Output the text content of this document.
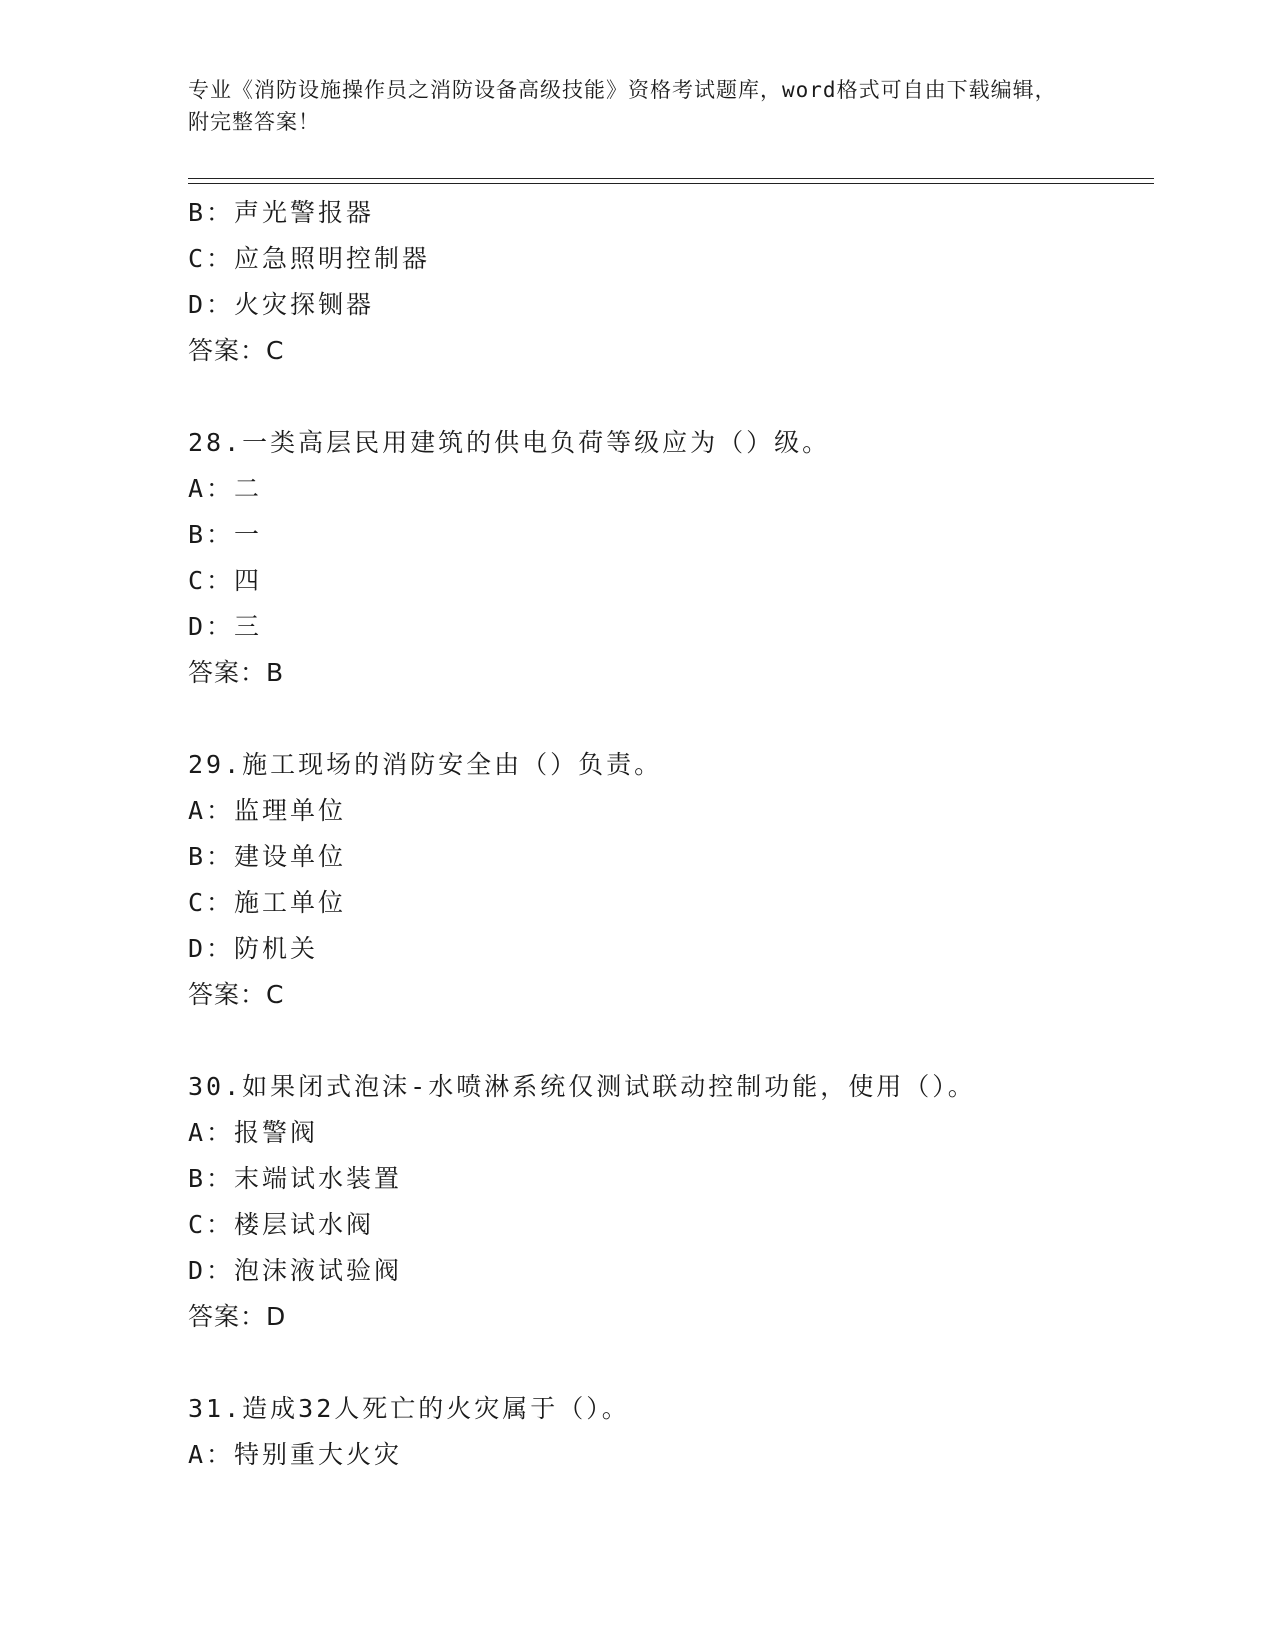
专业《消防设施操作员之消防设备高级技能》资格考试题库，word格式可自由下载编辑，附完整答案！
B：声光警报器
C：应急照明控制器
D：火灾探铡器
答案：C
28.一类高层民用建筑的供电负荷等级应为（）级。
A：二
B：一
C：四
D：三
答案：B
29.施工现场的消防安全由（）负责。
A：监理单位
B：建设单位
C：施工单位
D：防机关
答案：C
30.如果闭式泡沫-水喷淋系统仅测试联动控制功能，使用（）。
A：报警阀
B：末端试水装置
C：楼层试水阀
D：泡沫液试验阀
答案：D
31.造成32人死亡的火灾属于（）。
A：特别重大火灾
